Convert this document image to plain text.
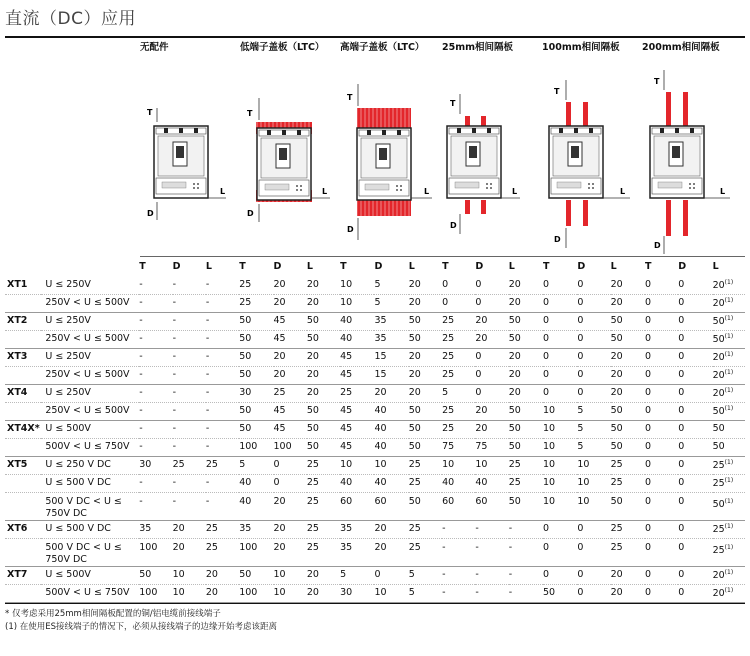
直流（DC）应用
无配件	低端子盖板（LTC） 高端子盖板（LTC） 25mm相间隔板	100mm相间隔板 200mm相间隔板
T
D
L
T
D
L
T
D
L
T
D
L
T
D
L
T
D
L
		T	D	L	T	D	L	T	D	L	T	D	L	T	D	L	T	D	L
XT1	U ≤ 250V	-	-	-	25	20	20	10	5	20	0	0	20	0	0	20	0	0	20$^{(1)}$
	250V < U ≤ 500V	-	-	-	25	20	20	10	5	20	0	0	20	0	0	20	0	0	20$^{(1)}$
XT2	U ≤ 250V	-	-	-	50	45	50	40	35	50	25	20	50	0	0	50	0	0	50$^{(1)}$
	250V < U ≤ 500V	-	-	-	50	45	50	40	35	50	25	20	50	0	0	50	0	0	50$^{(1)}$
XT3	U ≤ 250V	-	-	-	50	20	20	45	15	20	25	0	20	0	0	20	0	0	20$^{(1)}$
	250V < U ≤ 500V	-	-	-	50	20	20	45	15	20	25	0	20	0	0	20	0	0	20$^{(1)}$
XT4	U ≤ 250V	-	-	-	30	25	20	25	20	20	5	0	20	0	0	20	0	0	20$^{(1)}$
	250V < U ≤ 500V	-	-	-	50	45	50	45	40	50	25	20	50	10	5	50	0	0	50$^{(1)}$
XT4X*	U ≤ 500V	-	-	-	50	45	50	45	40	50	25	20	50	10	5	50	0	0	50
	500V < U ≤ 750V	-	-	-	100	100	50	45	40	50	75	75	50	10	5	50	0	0	50
XT5	U ≤ 250 V DC	30	25	25	5	0	25	10	10	25	10	10	25	10	10	25	0	0	25$^{(1)}$
	U ≤ 500 V DC	-	-	-	40	0	25	40	40	25	40	40	25	10	10	25	0	0	25$^{(1)}$
	500 V DC < U ≤ 750V DC	-	-	-	40	20	25	60	60	50	60	60	50	10	10	50	0	0	50$^{(1)}$
XT6	U ≤ 500 V DC	35	20	25	35	20	25	35	20	25	-	-	-	0	0	25	0	0	25$^{(1)}$
	500 V DC < U ≤ 750V DC	100	20	25	100	20	25	35	20	25	-	-	-	0	0	25	0	0	25$^{(1)}$
XT7	U ≤ 500V	50	10	20	50	10	20	5	0	5	-	-	-	0	0	20	0	0	20$^{(1)}$
	500V < U ≤ 750V	100	10	20	100	10	20	30	10	5	-	-	-	50	0	20	0	0	20$^{(1)}$
* 仅考虑采用25mm相间隔板配置的铜/铝电缆前接线端子
(1) 在使用ES接线端子的情况下，必须从接线端子的边缘开始考虑该距离
